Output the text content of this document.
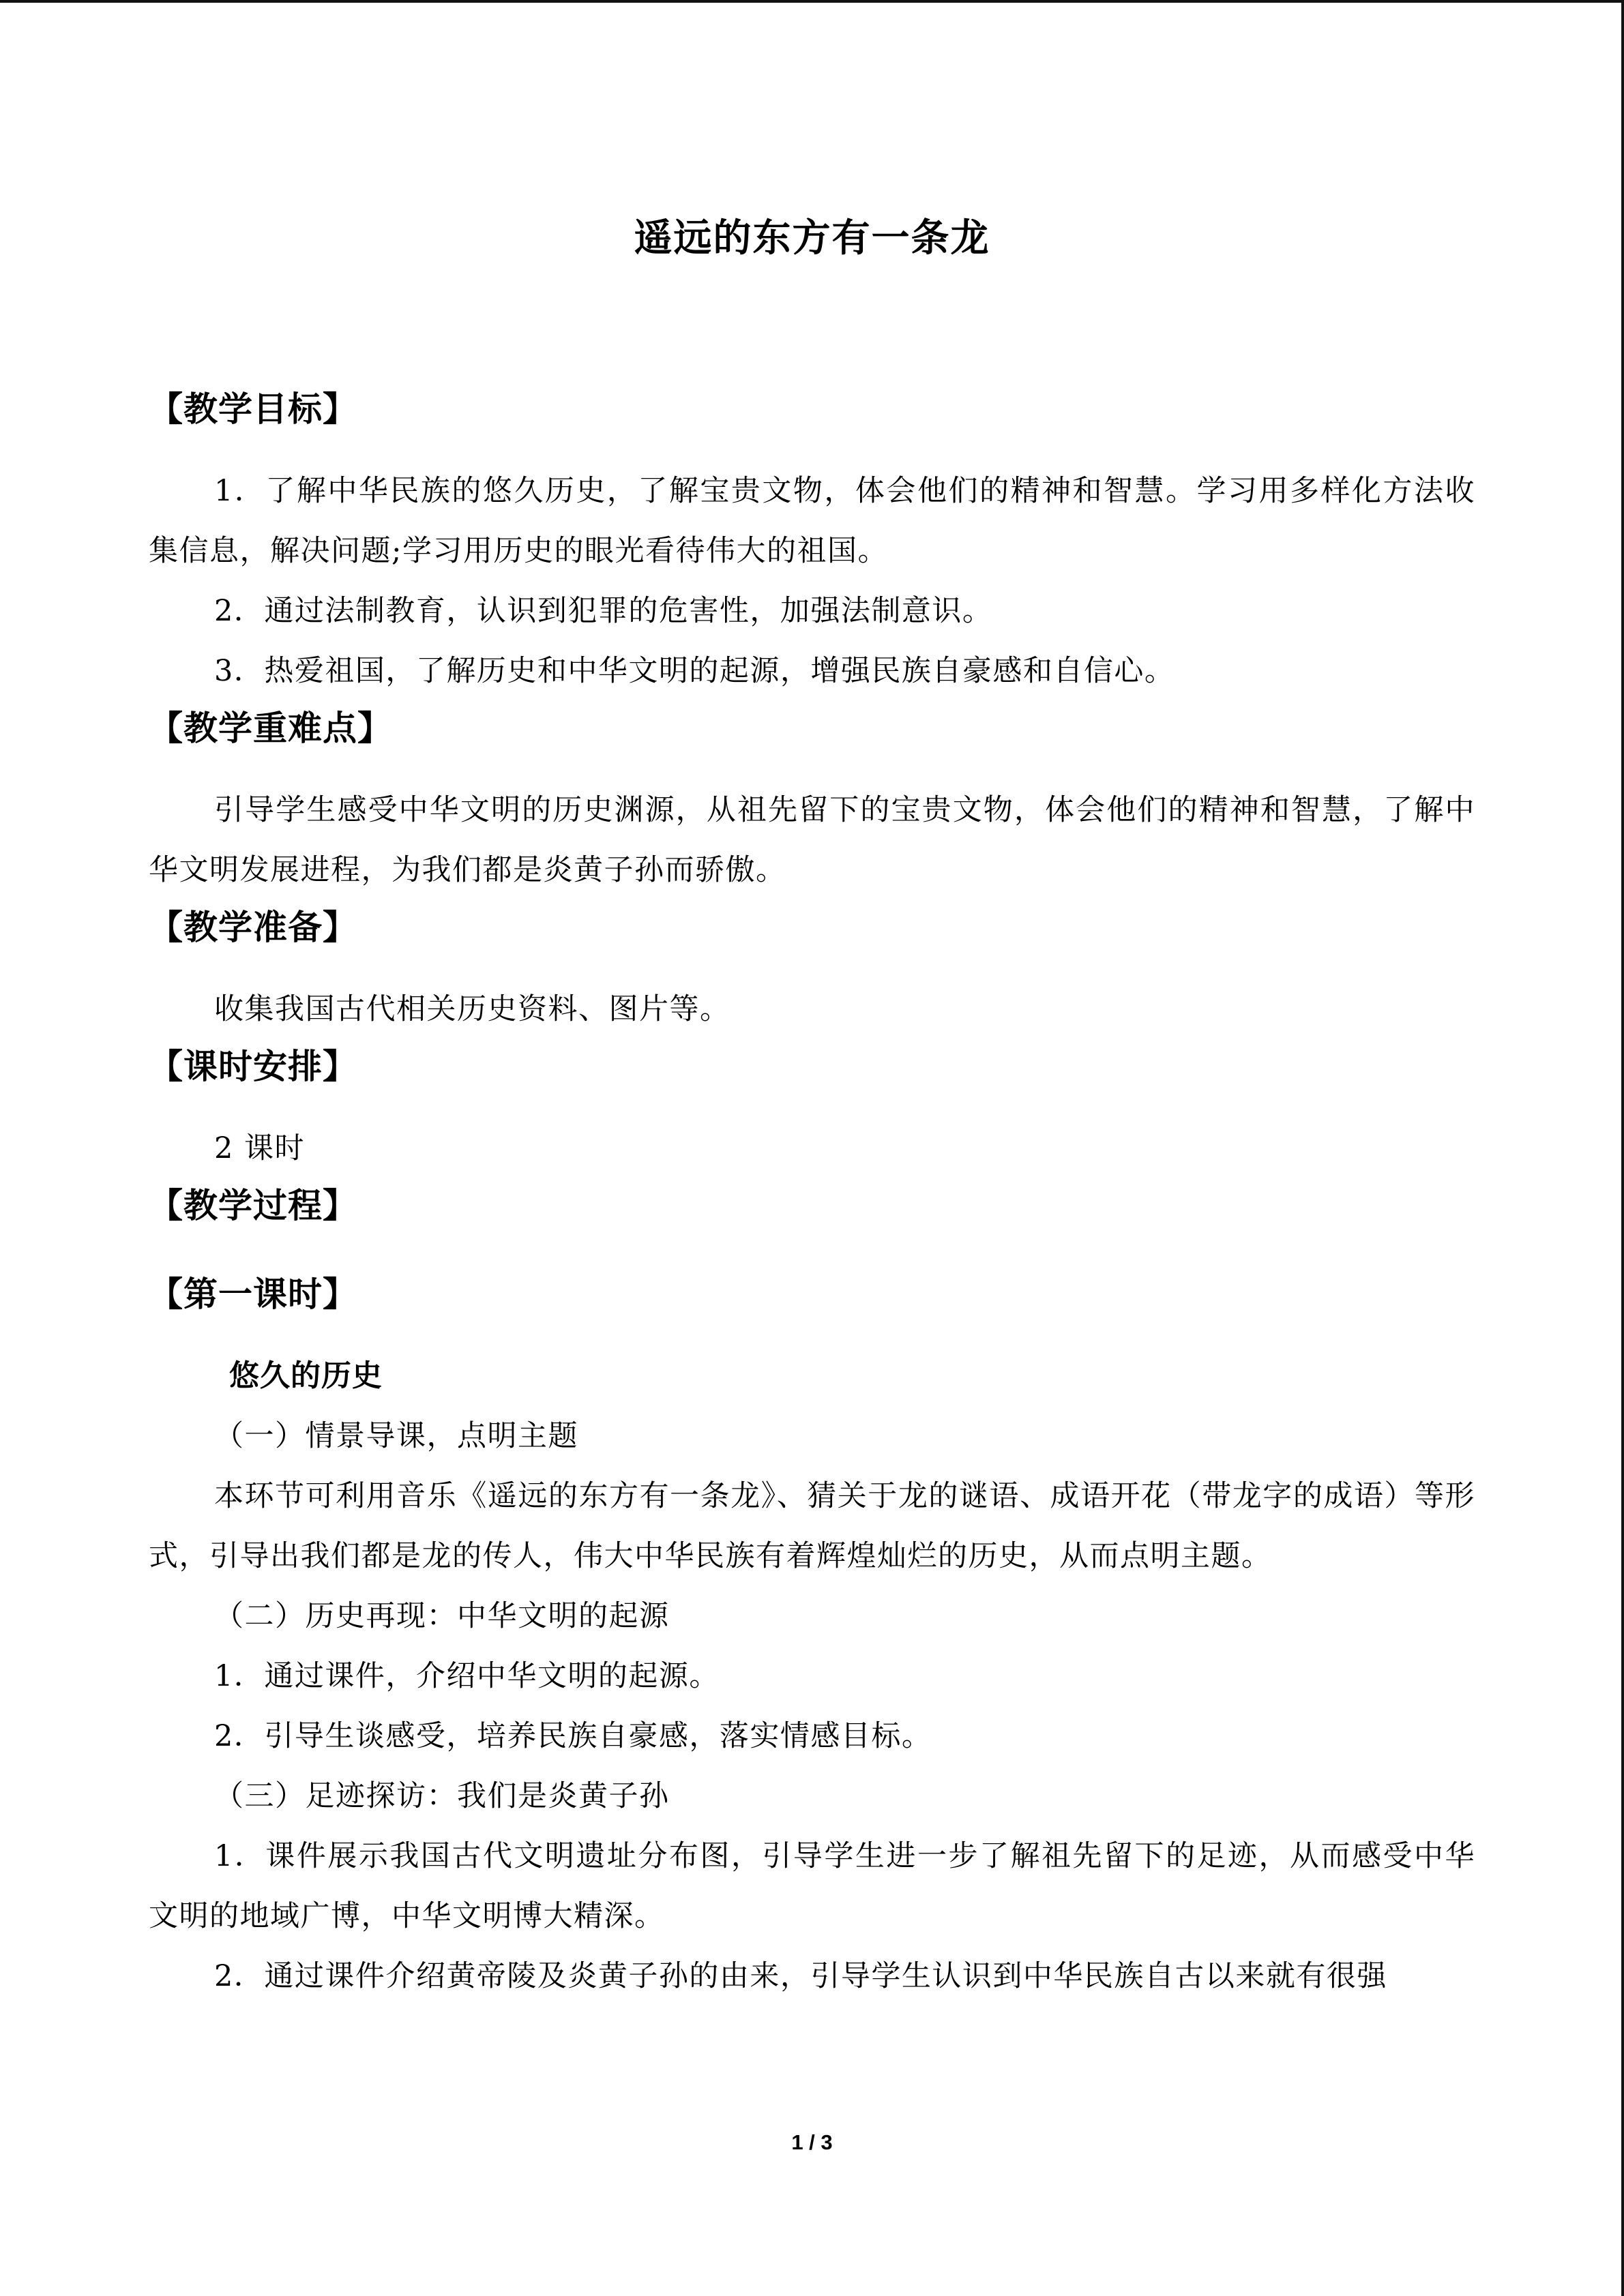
遥远的东方有一条龙
【教学目标】

1．了解中华民族的悠久历史，了解宝贵文物，体会他们的精神和智慧。学习用多样化方法收集信息，解决问题;学习用历史的眼光看待伟大的祖国。

2．通过法制教育，认识到犯罪的危害性，加强法制意识。

3．热爱祖国，了解历史和中华文明的起源，增强民族自豪感和自信心。

【教学重难点】

引导学生感受中华文明的历史渊源，从祖先留下的宝贵文物，体会他们的精神和智慧，了解中华文明发展进程，为我们都是炎黄子孙而骄傲。

【教学准备】

收集我国古代相关历史资料、图片等。

【课时安排】

2 课时

【教学过程】
【第一课时】

悠久的历史

（一）情景导课，点明主题

本环节可利用音乐《遥远的东方有一条龙》、猜关于龙的谜语、成语开花（带龙字的成语）等形式，引导出我们都是龙的传人，伟大中华民族有着辉煌灿烂的历史，从而点明主题。

（二）历史再现：中华文明的起源

1．通过课件，介绍中华文明的起源。

2．引导生谈感受，培养民族自豪感，落实情感目标。

（三）足迹探访：我们是炎黄子孙

1．课件展示我国古代文明遗址分布图，引导学生进一步了解祖先留下的足迹，从而感受中华文明的地域广博，中华文明博大精深。

2．通过课件介绍黄帝陵及炎黄子孙的由来，引导学生认识到中华民族自古以来就有很强

1 / 3
